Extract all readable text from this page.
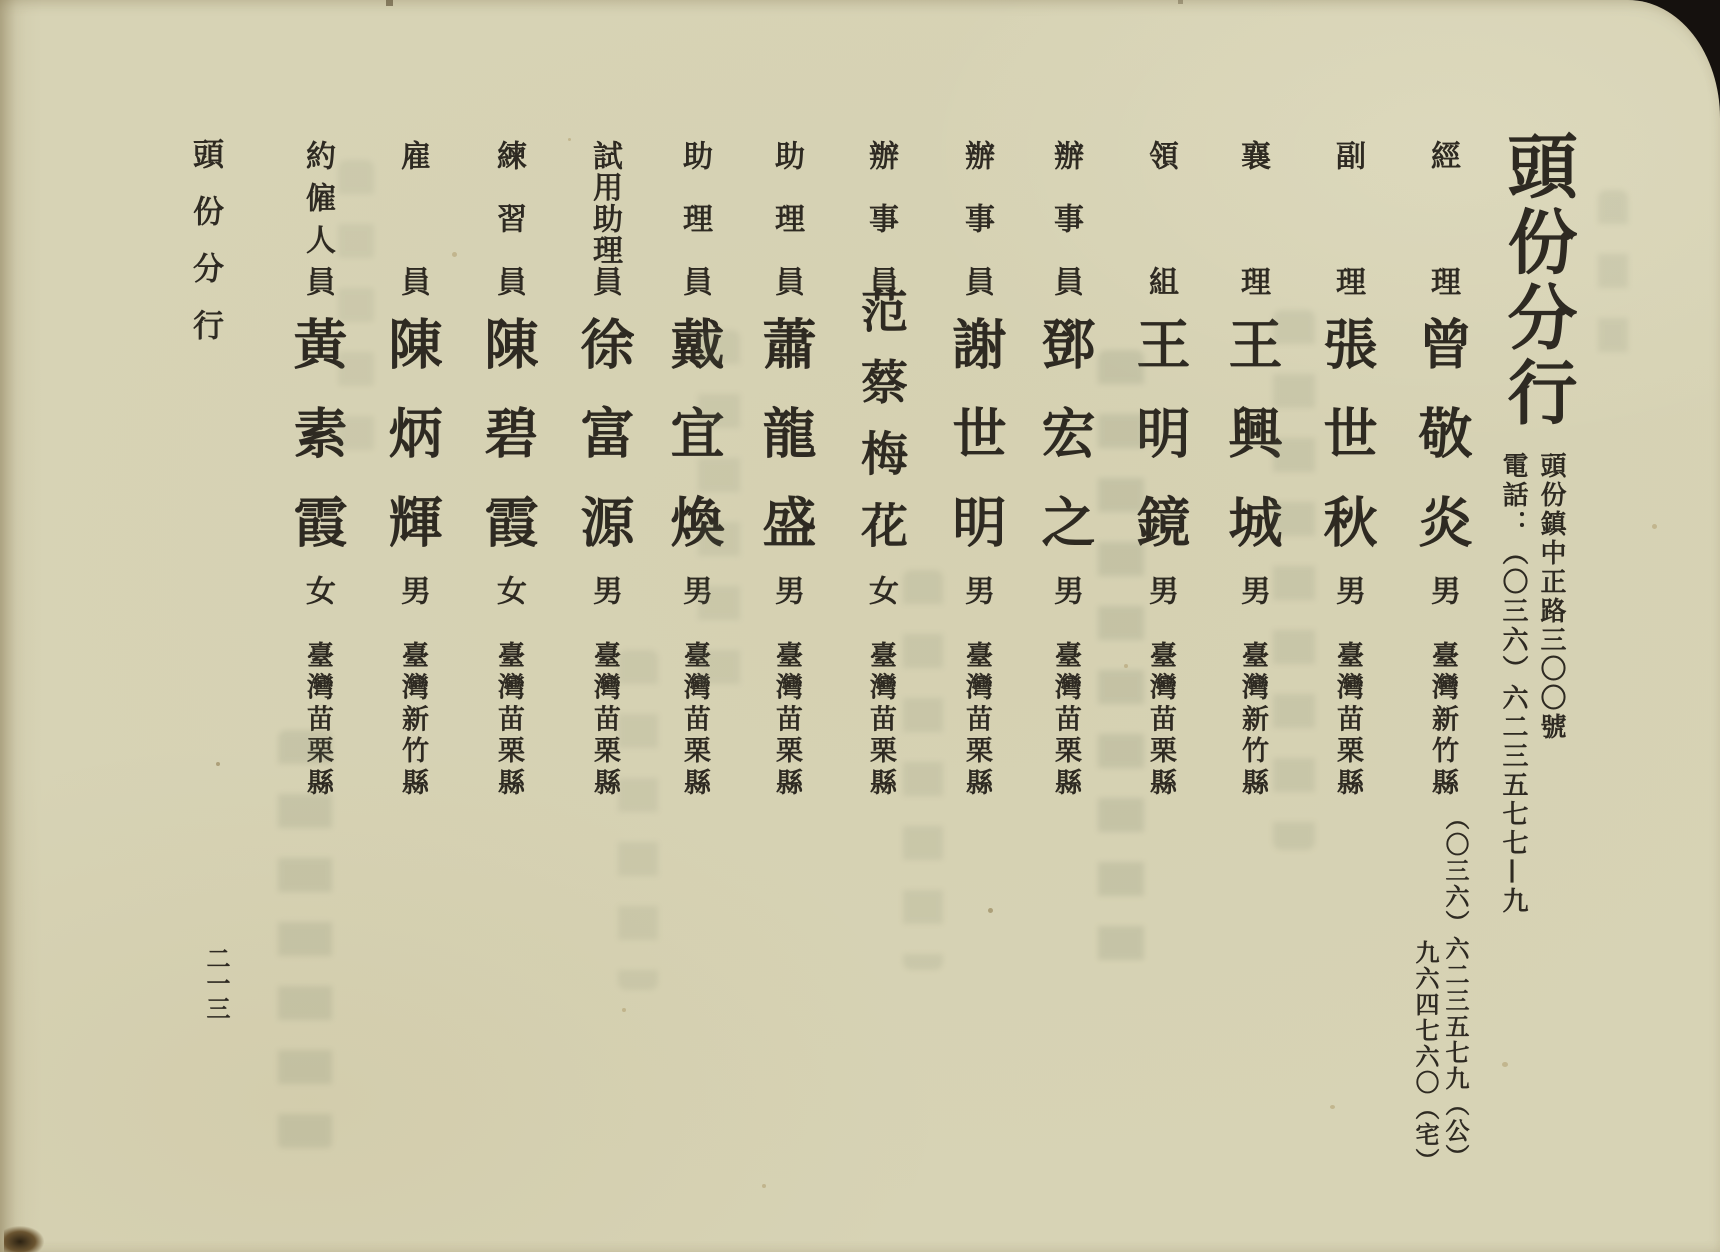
頭份分行
頭份鎮中正路三〇〇號
電話：（〇三六）六二三五七七—九
經理曾敬炎男臺灣新竹縣
（〇三六）六二三五七九（公）
九六四七六〇（宅）
副理張世秋男臺灣苗栗縣
襄理王興城男臺灣新竹縣
領組王明鏡男臺灣苗栗縣
辦事員鄧宏之男臺灣苗栗縣
辦事員謝世明男臺灣苗栗縣
辦事員范蔡梅花女臺灣苗栗縣
助理員蕭龍盛男臺灣苗栗縣
助理員戴宜煥男臺灣苗栗縣
試用助理員徐富源男臺灣苗栗縣
練習員陳碧霞女臺灣苗栗縣
雇員陳炳輝男臺灣新竹縣
約僱人員黃素霞女臺灣苗栗縣
頭份分行
二一三
